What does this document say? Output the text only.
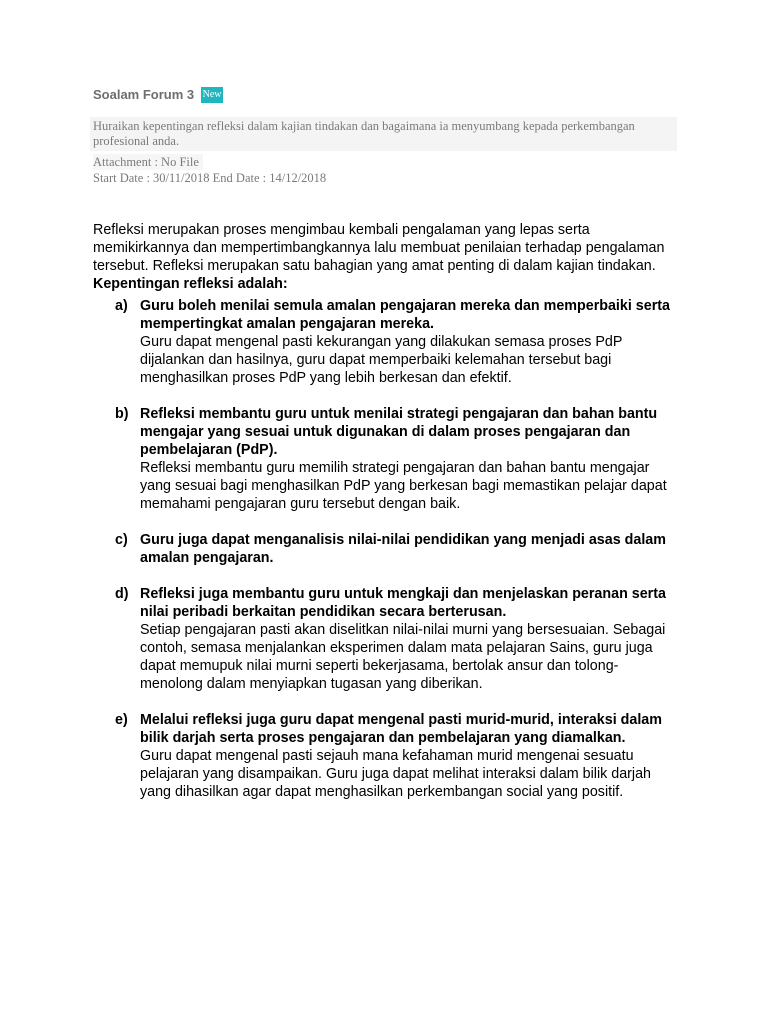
Soalam Forum 3 New
Huraikan kepentingan refleksi dalam kajian tindakan dan bagaimana ia menyumbang kepada perkembangan profesional anda.
Attachment : No File
Start Date : 30/11/2018 End Date : 14/12/2018

Refleksi merupakan proses mengimbau kembali pengalaman yang lepas serta memikirkannya dan mempertimbangkannya lalu membuat penilaian terhadap pengalaman tersebut. Refleksi merupakan satu bahagian yang amat penting di dalam kajian tindakan.

Kepentingan refleksi adalah:

a) Guru boleh menilai semula amalan pengajaran mereka dan memperbaiki serta mempertingkat amalan pengajaran mereka.
Guru dapat mengenal pasti kekurangan yang dilakukan semasa proses PdP dijalankan dan hasilnya, guru dapat memperbaiki kelemahan tersebut bagi menghasilkan proses PdP yang lebih berkesan dan efektif.
b) Refleksi membantu guru untuk menilai strategi pengajaran dan bahan bantu mengajar yang sesuai untuk digunakan di dalam proses pengajaran dan pembelajaran (PdP).
Refleksi membantu guru memilih strategi pengajaran dan bahan bantu mengajar yang sesuai bagi menghasilkan PdP yang berkesan bagi memastikan pelajar dapat memahami pengajaran guru tersebut dengan baik.
c) Guru juga dapat menganalisis nilai-nilai pendidikan yang menjadi asas dalam amalan pengajaran.
d) Refleksi juga membantu guru untuk mengkaji dan menjelaskan peranan serta nilai peribadi berkaitan pendidikan secara berterusan.
Setiap pengajaran pasti akan diselitkan nilai-nilai murni yang bersesuaian. Sebagai contoh, semasa menjalankan eksperimen dalam mata pelajaran Sains, guru juga dapat memupuk nilai murni seperti bekerjasama, bertolak ansur dan tolong-menolong dalam menyiapkan tugasan yang diberikan.
e) Melalui refleksi juga guru dapat mengenal pasti murid-murid, interaksi dalam bilik darjah serta proses pengajaran dan pembelajaran yang diamalkan.
Guru dapat mengenal pasti sejauh mana kefahaman murid mengenai sesuatu pelajaran yang disampaikan. Guru juga dapat melihat interaksi dalam bilik darjah yang dihasilkan agar dapat menghasilkan perkembangan social yang positif.
